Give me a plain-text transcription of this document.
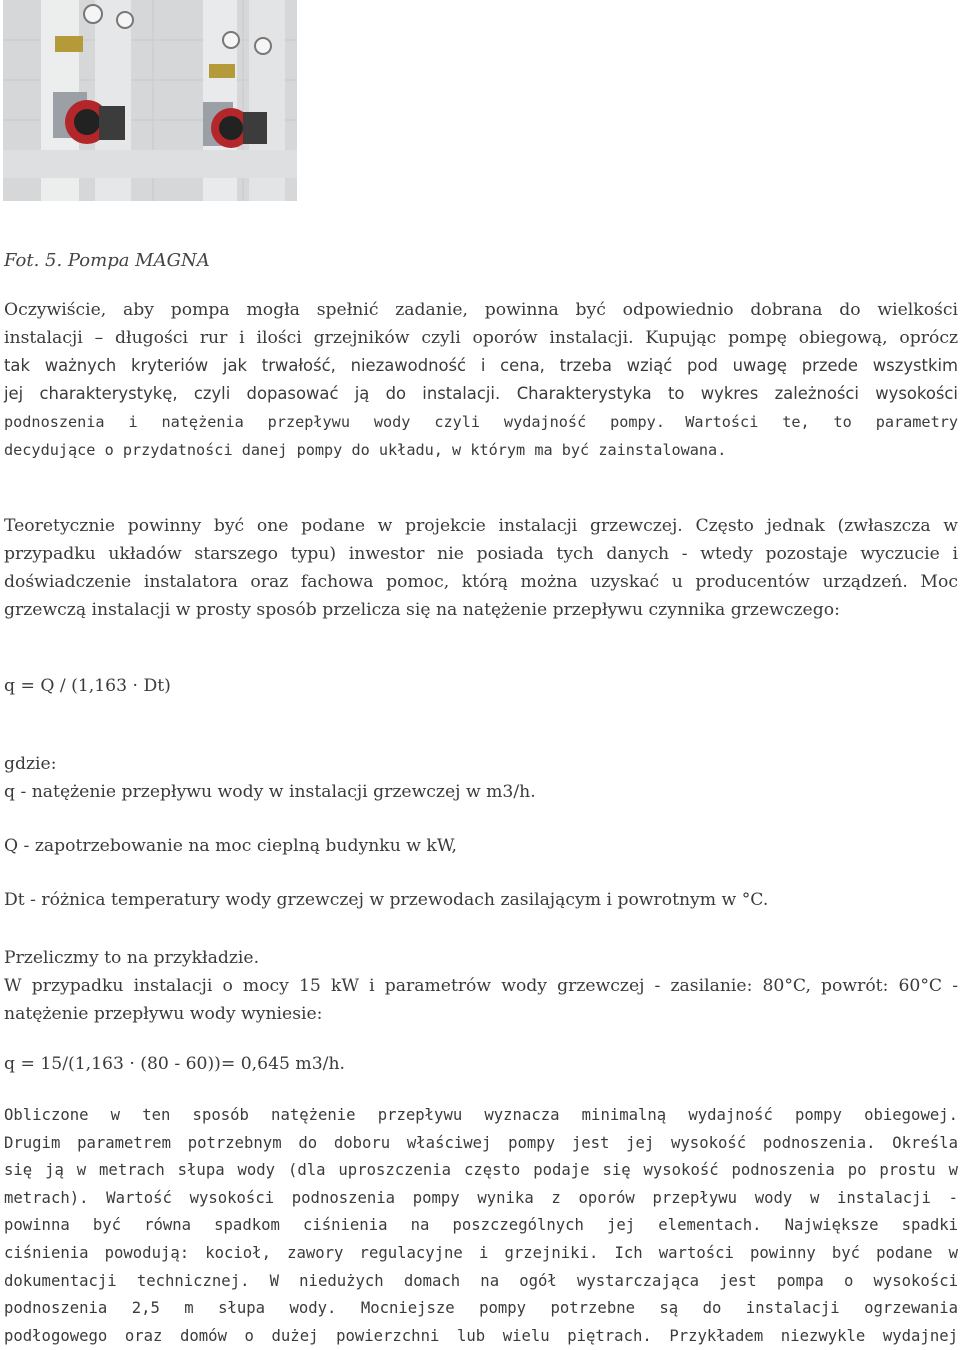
Fot. 5. Pompa MAGNA
Oczywiście, aby pompa mogła spełnić zadanie, powinna być odpowiednio dobrana do wielkości
instalacji – długości rur i ilości grzejników czyli oporów instalacji. Kupując pompę obiegową, oprócz
tak ważnych kryteriów jak trwałość, niezawodność i cena, trzeba wziąć pod uwagę przede wszystkim
jej charakterystykę, czyli dopasować ją do instalacji. Charakterystyka to wykres zależności wysokości
podnoszenia i natężenia przepływu wody czyli wydajność pompy. Wartości te, to parametry
decydujące o przydatności danej pompy do układu, w którym ma być zainstalowana.
Teoretycznie powinny być one podane w projekcie instalacji grzewczej. Często jednak (zwłaszcza w
przypadku układów starszego typu) inwestor nie posiada tych danych - wtedy pozostaje wyczucie i
doświadczenie instalatora oraz fachowa pomoc, którą można uzyskać u producentów urządzeń. Moc
grzewczą instalacji w prosty sposób przelicza się na natężenie przepływu czynnika grzewczego:
q = Q / (1,163 · Dt)
gdzie:
q - natężenie przepływu wody w instalacji grzewczej w m3/h.
Q - zapotrzebowanie na moc cieplną budynku w kW,
Dt - różnica temperatury wody grzewczej w przewodach zasilającym i powrotnym w °C.
Przeliczmy to na przykładzie.
W przypadku instalacji o mocy 15 kW i parametrów wody grzewczej - zasilanie: 80°C, powrót: 60°C -
natężenie przepływu wody wyniesie:
q = 15/(1,163 · (80 - 60))= 0,645 m3/h.
Obliczone w ten sposób natężenie przepływu wyznacza minimalną wydajność pompy obiegowej.
Drugim parametrem potrzebnym do doboru właściwej pompy jest jej wysokość podnoszenia. Określa
się ją w metrach słupa wody (dla uproszczenia często podaje się wysokość podnoszenia po prostu w
metrach). Wartość wysokości podnoszenia pompy wynika z oporów przepływu wody w instalacji -
powinna być równa spadkom ciśnienia na poszczególnych jej elementach. Największe spadki
ciśnienia powodują: kocioł, zawory regulacyjne i grzejniki. Ich wartości powinny być podane w
dokumentacji technicznej. W niedużych domach na ogół wystarczająca jest pompa o wysokości
podnoszenia 2,5 m słupa wody. Mocniejsze pompy potrzebne są do instalacji ogrzewania
podłogowego oraz domów o dużej powierzchni lub wielu piętrach. Przykładem niezwykle wydajnej
